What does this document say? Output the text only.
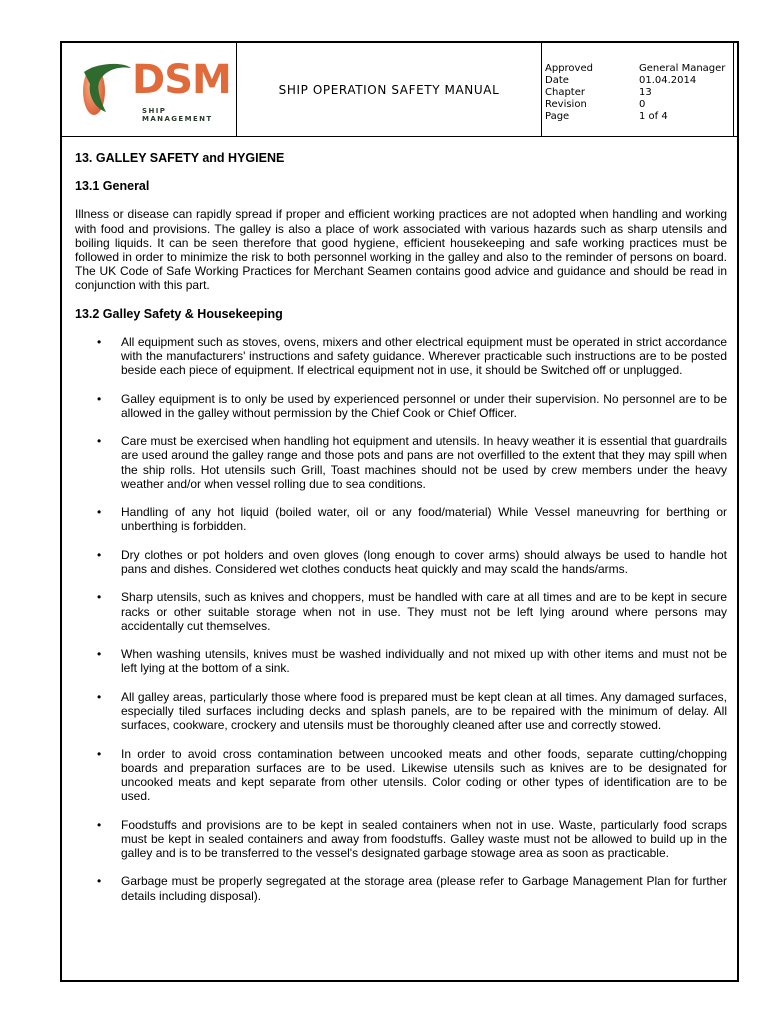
DSM
SHIP MANAGEMENT
SHIP OPERATION SAFETY MANUAL
Approved	General Manager
Date	01.04.2014
Chapter	13
Revision	0
Page	1 of 4
13. GALLEY SAFETY and HYGIENE
13.1 General

Illness or disease can rapidly spread if proper and efficient working practices are not adopted when handling and working with food and provisions. The galley is also a place of work associated with various hazards such as sharp utensils and boiling liquids. It can be seen therefore that good hygiene, efficient housekeeping and safe working practices must be followed in order to minimize the risk to both personnel working in the galley and also to the reminder of persons on board. The UK Code of Safe Working Practices for Merchant Seamen contains good advice and guidance and should be read in conjunction with this part.

13.2 Galley Safety & Housekeeping
• All equipment such as stoves, ovens, mixers and other electrical equipment must be operated in strict accordance with the manufacturers' instructions and safety guidance. Wherever practicable such instructions are to be posted beside each piece of equipment. If electrical equipment not in use, it should be Switched off or unplugged.
• Galley equipment is to only be used by experienced personnel or under their supervision. No personnel are to be allowed in the galley without permission by the Chief Cook or Chief Officer.
• Care must be exercised when handling hot equipment and utensils. In heavy weather it is essential that guardrails are used around the galley range and those pots and pans are not overfilled to the extent that they may spill when the ship rolls. Hot utensils such Grill, Toast machines should not be used by crew members under the heavy weather and/or when vessel rolling due to sea conditions.
• Handling of any hot liquid (boiled water, oil or any food/material) While Vessel maneuvring for berthing or unberthing is forbidden.
• Dry clothes or pot holders and oven gloves (long enough to cover arms) should always be used to handle hot pans and dishes. Considered wet clothes conducts heat quickly and may scald the hands/arms.
• Sharp utensils, such as knives and choppers, must be handled with care at all times and are to be kept in secure racks or other suitable storage when not in use. They must not be left lying around where persons may accidentally cut themselves.
• When washing utensils, knives must be washed individually and not mixed up with other items and must not be left lying at the bottom of a sink.
• All galley areas, particularly those where food is prepared must be kept clean at all times. Any damaged surfaces, especially tiled surfaces including decks and splash panels, are to be repaired with the minimum of delay. All surfaces, cookware, crockery and utensils must be thoroughly cleaned after use and correctly stowed.
• In order to avoid cross contamination between uncooked meats and other foods, separate cutting/chopping boards and preparation surfaces are to be used. Likewise utensils such as knives are to be designated for uncooked meats and kept separate from other utensils. Color coding or other types of identification are to be used.
• Foodstuffs and provisions are to be kept in sealed containers when not in use. Waste, particularly food scraps must be kept in sealed containers and away from foodstuffs. Galley waste must not be allowed to build up in the galley and is to be transferred to the vessel's designated garbage stowage area as soon as practicable.
• Garbage must be properly segregated at the storage area (please refer to Garbage Management Plan for further details including disposal).
